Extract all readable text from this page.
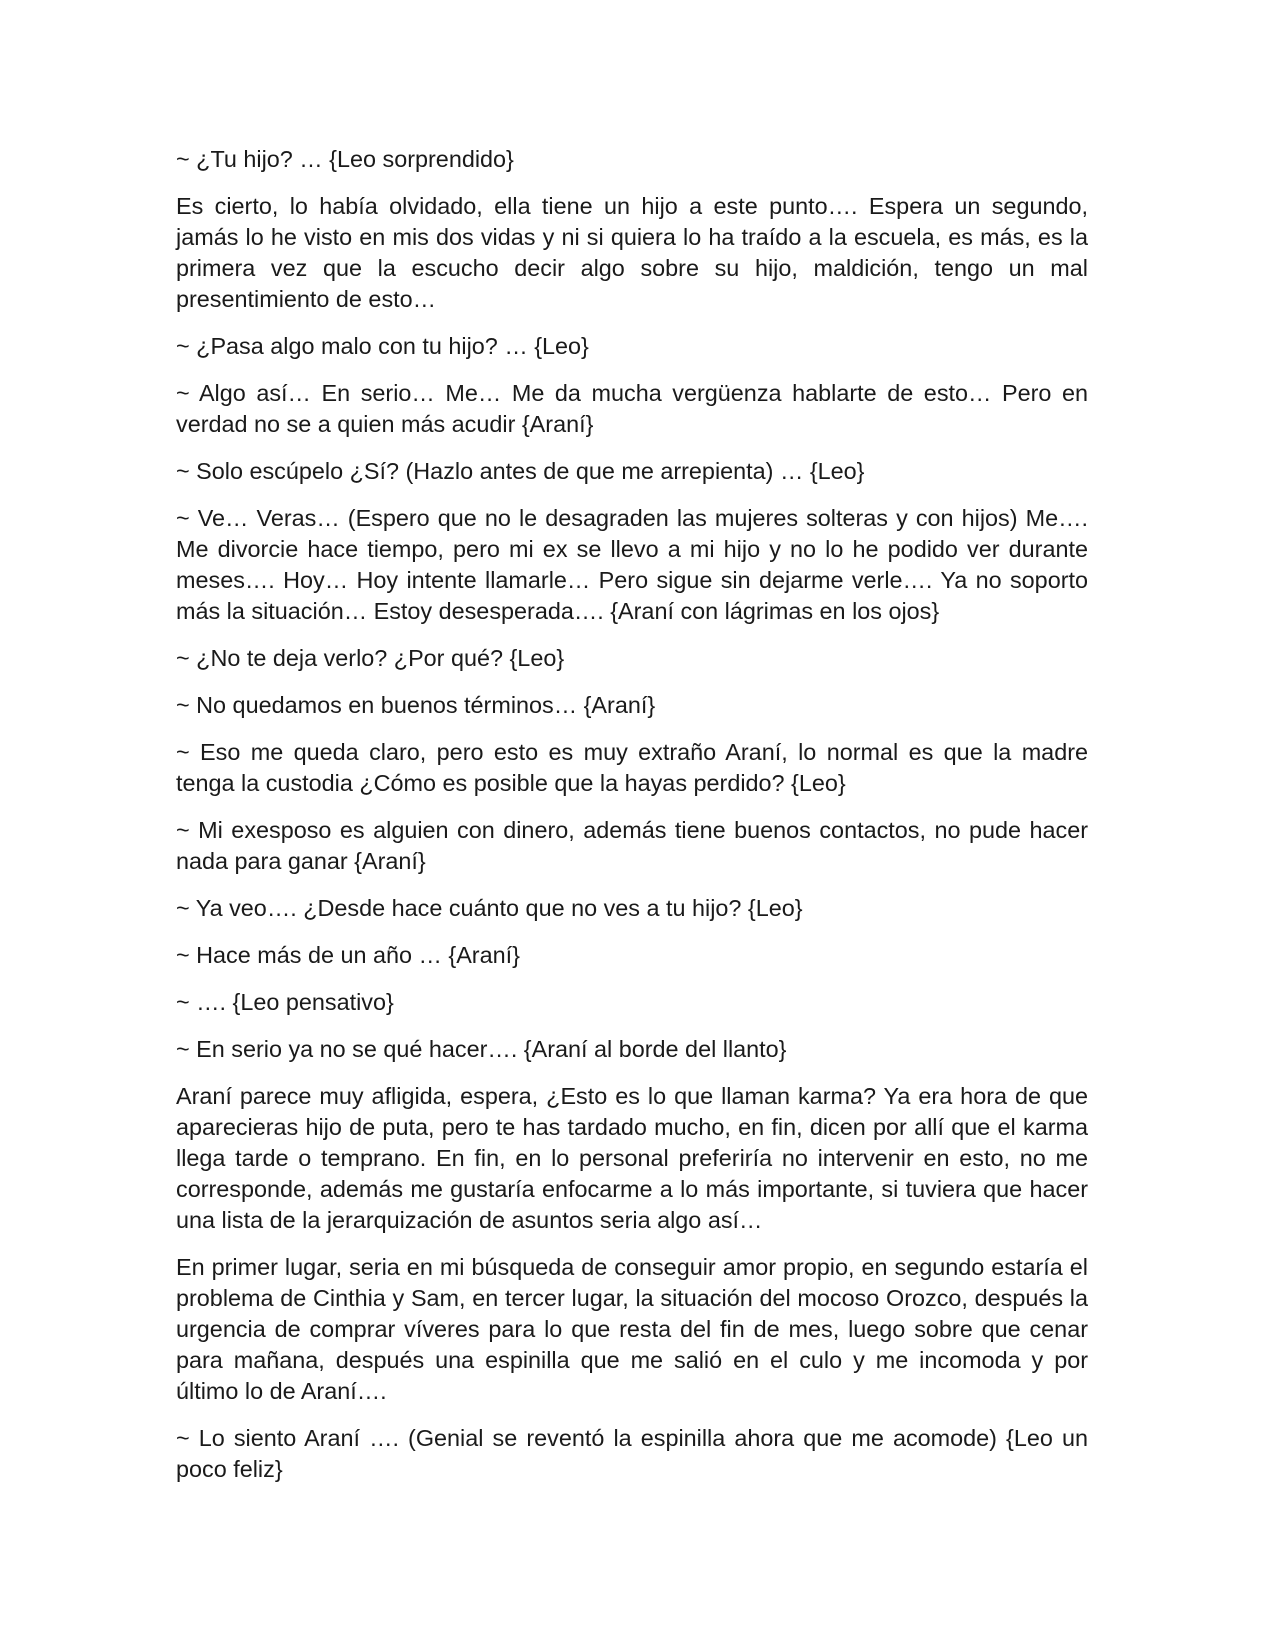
~ ¿Tu hijo? … {Leo sorprendido}

Es cierto, lo había olvidado, ella tiene un hijo a este punto…. Espera un segundo, jamás lo he visto en mis dos vidas y ni si quiera lo ha traído a la escuela, es más, es la primera vez que la escucho decir algo sobre su hijo, maldición, tengo un mal presentimiento de esto…

~ ¿Pasa algo malo con tu hijo? … {Leo}

~ Algo así… En serio… Me… Me da mucha vergüenza hablarte de esto… Pero en verdad no se a quien más acudir {Araní}

~ Solo escúpelo ¿Sí? (Hazlo antes de que me arrepienta) … {Leo}

~ Ve… Veras… (Espero que no le desagraden las mujeres solteras y con hijos) Me…. Me divorcie hace tiempo, pero mi ex se llevo a mi hijo y no lo he podido ver durante meses…. Hoy… Hoy intente llamarle… Pero sigue sin dejarme verle…. Ya no soporto más la situación… Estoy desesperada…. {Araní con lágrimas en los ojos}

~ ¿No te deja verlo? ¿Por qué? {Leo}

~ No quedamos en buenos términos… {Araní}

~ Eso me queda claro, pero esto es muy extraño Araní, lo normal es que la madre tenga la custodia ¿Cómo es posible que la hayas perdido? {Leo}

~ Mi exesposo es alguien con dinero, además tiene buenos contactos, no pude hacer nada para ganar {Araní}

~ Ya veo…. ¿Desde hace cuánto que no ves a tu hijo? {Leo}

~ Hace más de un año … {Araní}

~ …. {Leo pensativo}

~ En serio ya no se qué hacer…. {Araní al borde del llanto}

Araní parece muy afligida, espera, ¿Esto es lo que llaman karma? Ya era hora de que aparecieras hijo de puta, pero te has tardado mucho, en fin, dicen por allí que el karma llega tarde o temprano. En fin, en lo personal preferiría no intervenir en esto, no me corresponde, además me gustaría enfocarme a lo más importante, si tuviera que hacer una lista de la jerarquización de asuntos seria algo así…

En primer lugar, seria en mi búsqueda de conseguir amor propio, en segundo estaría el problema de Cinthia y Sam, en tercer lugar, la situación del mocoso Orozco, después la urgencia de comprar víveres para lo que resta del fin de mes, luego sobre que cenar para mañana, después una espinilla que me salió en el culo y me incomoda y por último lo de Araní….

~ Lo siento Araní …. (Genial se reventó la espinilla ahora que me acomode) {Leo un poco feliz}
